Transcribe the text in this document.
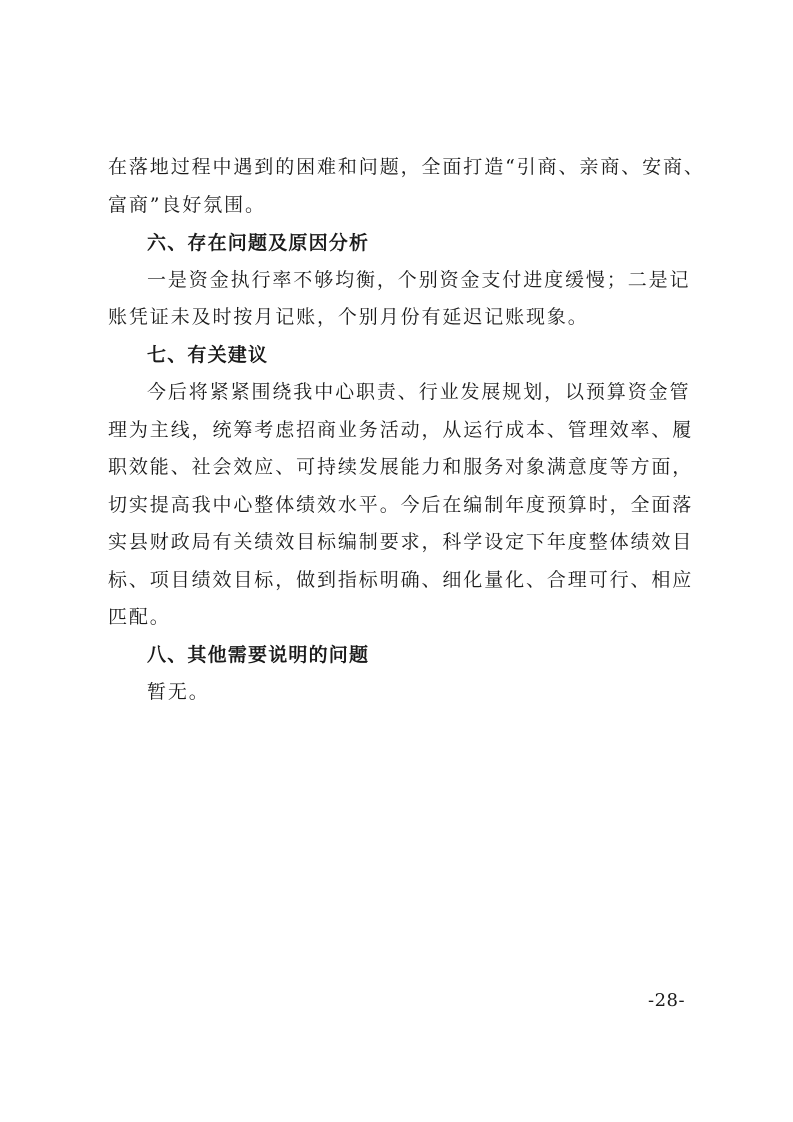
在落地过程中遇到的困难和问题，全面打造“引商、亲商、安商、
富商”良好氛围。
六、存在问题及原因分析
一是资金执行率不够均衡，个别资金支付进度缓慢；二是记
账凭证未及时按月记账，个别月份有延迟记账现象。
七、有关建议
今后将紧紧围绕我中心职责、行业发展规划，以预算资金管
理为主线，统筹考虑招商业务活动，从运行成本、管理效率、履
职效能、社会效应、可持续发展能力和服务对象满意度等方面，
切实提高我中心整体绩效水平。今后在编制年度预算时，全面落
实县财政局有关绩效目标编制要求，科学设定下年度整体绩效目
标、项目绩效目标，做到指标明确、细化量化、合理可行、相应
匹配。
八、其他需要说明的问题
暂无。
-28-
